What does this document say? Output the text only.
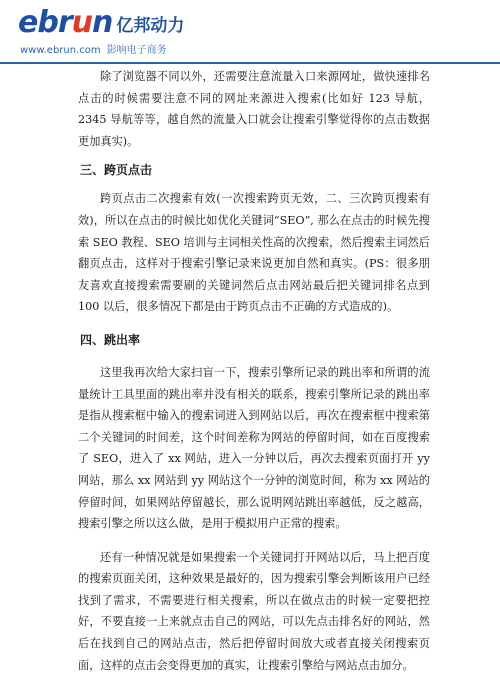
ebrun 亿邦动力
www.ebrun.com 影响电子商务

除了浏览器不同以外，还需要注意流量入口来源网址，做快速排名点击的时候需要注意不同的网址来源进入搜索(比如好 123 导航，2345 导航等等，越自然的流量入口就会让搜索引擎觉得你的点击数据更加真实)。

三、跨页点击

跨页点击二次搜索有效(一次搜索跨页无效，二、三次跨页搜索有效)，所以在点击的时候比如优化关键词“SEO”, 那么在点击的时候先搜索 SEO 教程、SEO 培训与主词相关性高的次搜索，然后搜索主词然后翻页点击，这样对于搜索引擎记录来说更加自然和真实。(PS：很多朋友喜欢直接搜索需要刷的关键词然后点击网站最后把关键词排名点到 100 以后，很多情况下都是由于跨页点击不正确的方式造成的)。

四、跳出率

这里我再次给大家扫盲一下，搜索引擎所记录的跳出率和所谓的流量统计工具里面的跳出率并没有相关的联系，搜索引擎所记录的跳出率是指从搜索框中输入的搜索词进入到网站以后，再次在搜索框中搜索第二个关键词的时间差，这个时间差称为网站的停留时间，如在百度搜索了 SEO，进入了 xx 网站，进入一分钟以后，再次去搜索页面打开 yy 网站，那么 xx 网站到 yy 网站这个一分钟的浏览时间，称为 xx 网站的停留时间，如果网站停留越长，那么说明网站跳出率越低，反之越高，搜索引擎之所以这么做，是用于模拟用户正常的搜索。

还有一种情况就是如果搜索一个关键词打开网站以后，马上把百度的搜索页面关闭，这种效果是最好的，因为搜索引擎会判断该用户已经找到了需求，不需要进行相关搜索，所以在做点击的时候一定要把控好，不要直接一上来就点击自己的网站，可以先点击排名好的网站，然后在找到自己的网站点击，然后把停留时间放大或者直接关闭搜索页面，这样的点击会变得更加的真实，让搜索引擎给与网站点击加分。
